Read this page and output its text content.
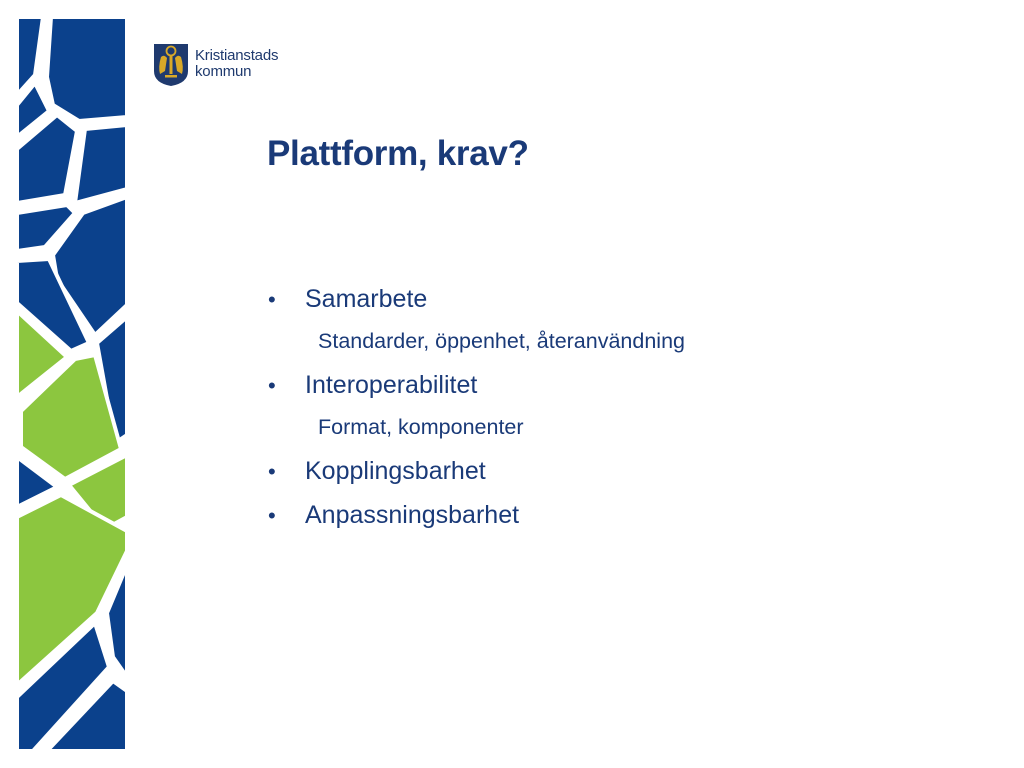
Kristianstads
kommun
Plattform, krav?
•	Samarbete
Standarder, öppenhet, återanvändning
•	Interoperabilitet
Format, komponenter
•	Kopplingsbarhet
•	Anpassningsbarhet
